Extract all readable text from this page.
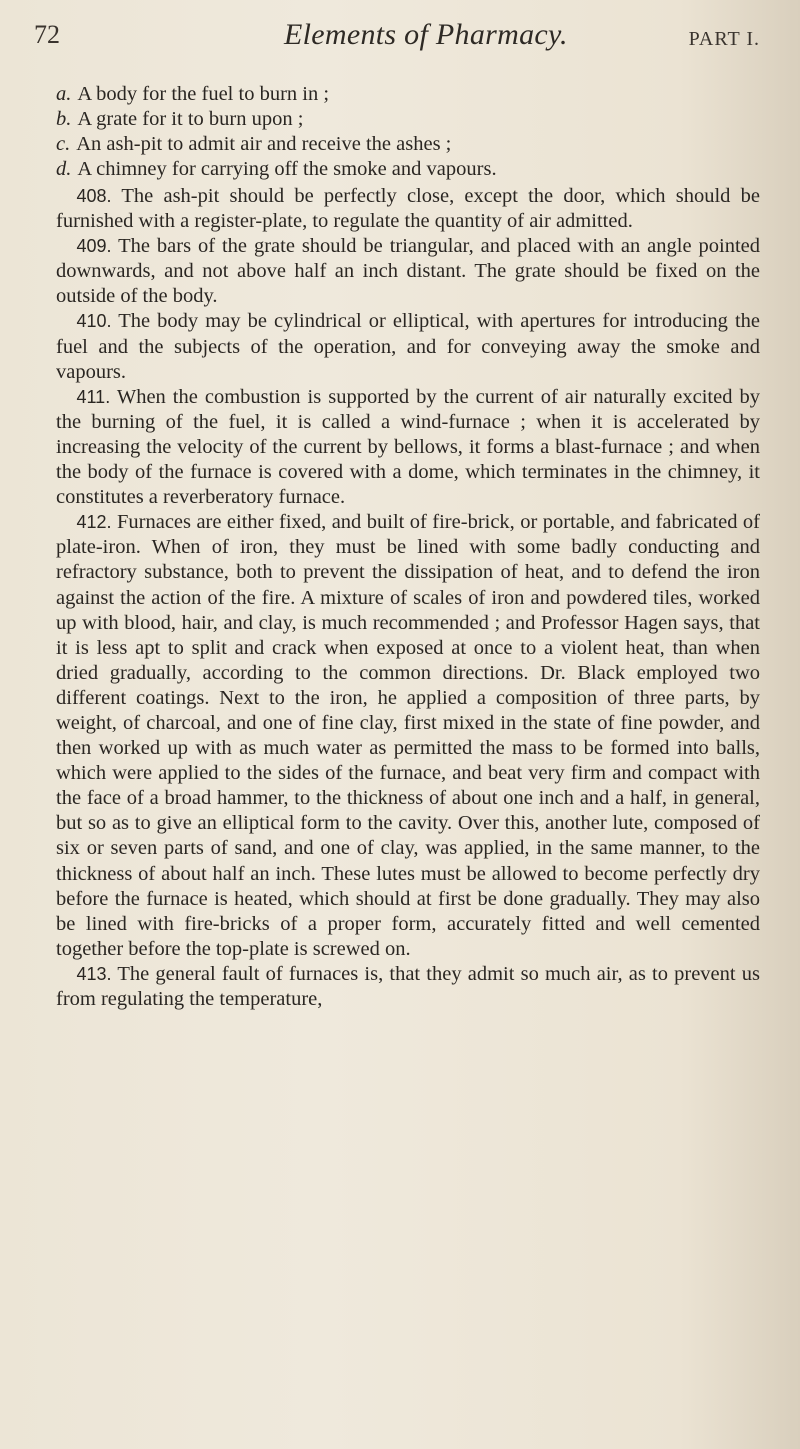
72	Elements of Pharmacy.	PART I.
a. A body for the fuel to burn in ;
b. A grate for it to burn upon ;
c. An ash-pit to admit air and receive the ashes ;
d. A chimney for carrying off the smoke and vapours.

 408. The ash-pit should be perfectly close, except the door, which should be furnished with a register-plate, to regulate the quantity of air admitted.

 409. The bars of the grate should be triangular, and placed with an angle pointed downwards, and not above half an inch distant. The grate should be fixed on the outside of the body.

 410. The body may be cylindrical or elliptical, with apertures for introducing the fuel and the subjects of the operation, and for conveying away the smoke and vapours.

 411. When the combustion is supported by the current of air naturally excited by the burning of the fuel, it is called a wind-furnace ; when it is accelerated by increasing the velocity of the current by bellows, it forms a blast-furnace ; and when the body of the furnace is covered with a dome, which terminates in the chimney, it constitutes a reverberatory furnace.

 412. Furnaces are either fixed, and built of fire-brick, or portable, and fabricated of plate-iron. When of iron, they must be lined with some badly conducting and refractory substance, both to prevent the dissipation of heat, and to defend the iron against the action of the fire. A mixture of scales of iron and powdered tiles, worked up with blood, hair, and clay, is much recommended ; and Professor Hagen says, that it is less apt to split and crack when exposed at once to a violent heat, than when dried gradually, according to the common directions. Dr. Black employed two different coatings. Next to the iron, he applied a composition of three parts, by weight, of charcoal, and one of fine clay, first mixed in the state of fine powder, and then worked up with as much water as permitted the mass to be formed into balls, which were applied to the sides of the furnace, and beat very firm and compact with the face of a broad hammer, to the thickness of about one inch and a half, in general, but so as to give an elliptical form to the cavity. Over this, another lute, composed of six or seven parts of sand, and one of clay, was applied, in the same manner, to the thickness of about half an inch. These lutes must be allowed to become perfectly dry before the furnace is heated, which should at first be done gradually. They may also be lined with fire-bricks of a proper form, accurately fitted and well cemented together before the top-plate is screwed on.

 413. The general fault of furnaces is, that they admit so much air, as to prevent us from regulating the temperature,
